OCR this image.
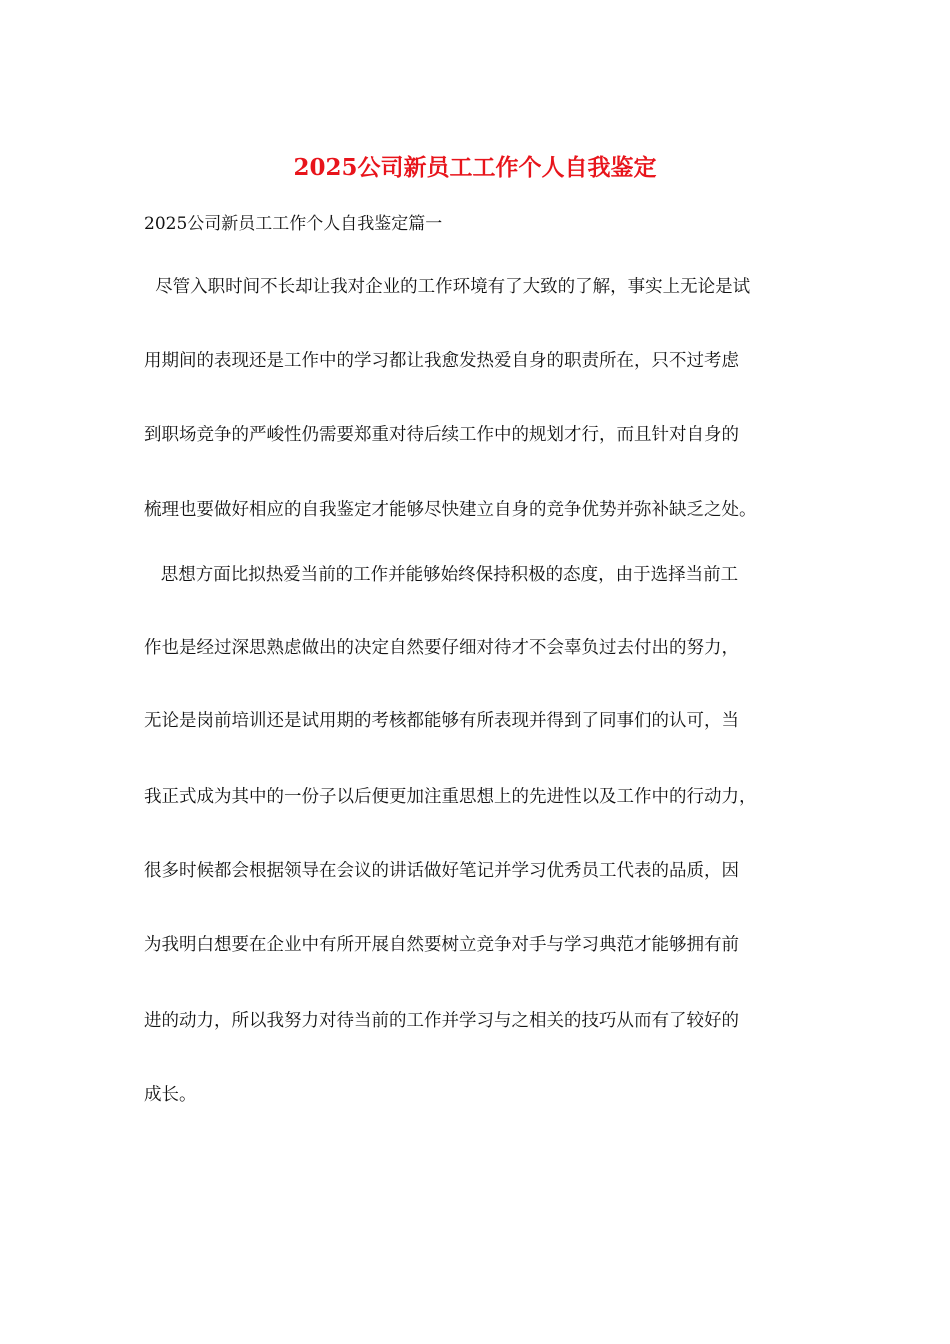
2025公司新员工工作个人自我鉴定
2025公司新员工工作个人自我鉴定篇一
尽管入职时间不长却让我对企业的工作环境有了大致的了解，事实上无论是试
用期间的表现还是工作中的学习都让我愈发热爱自身的职责所在，只不过考虑
到职场竞争的严峻性仍需要郑重对待后续工作中的规划才行，而且针对自身的
梳理也要做好相应的自我鉴定才能够尽快建立自身的竞争优势并弥补缺乏之处。
思想方面比拟热爱当前的工作并能够始终保持积极的态度，由于选择当前工
作也是经过深思熟虑做出的决定自然要仔细对待才不会辜负过去付出的努力，
无论是岗前培训还是试用期的考核都能够有所表现并得到了同事们的认可，当
我正式成为其中的一份子以后便更加注重思想上的先进性以及工作中的行动力，
很多时候都会根据领导在会议的讲话做好笔记并学习优秀员工代表的品质，因
为我明白想要在企业中有所开展自然要树立竞争对手与学习典范才能够拥有前
进的动力，所以我努力对待当前的工作并学习与之相关的技巧从而有了较好的
成长。
